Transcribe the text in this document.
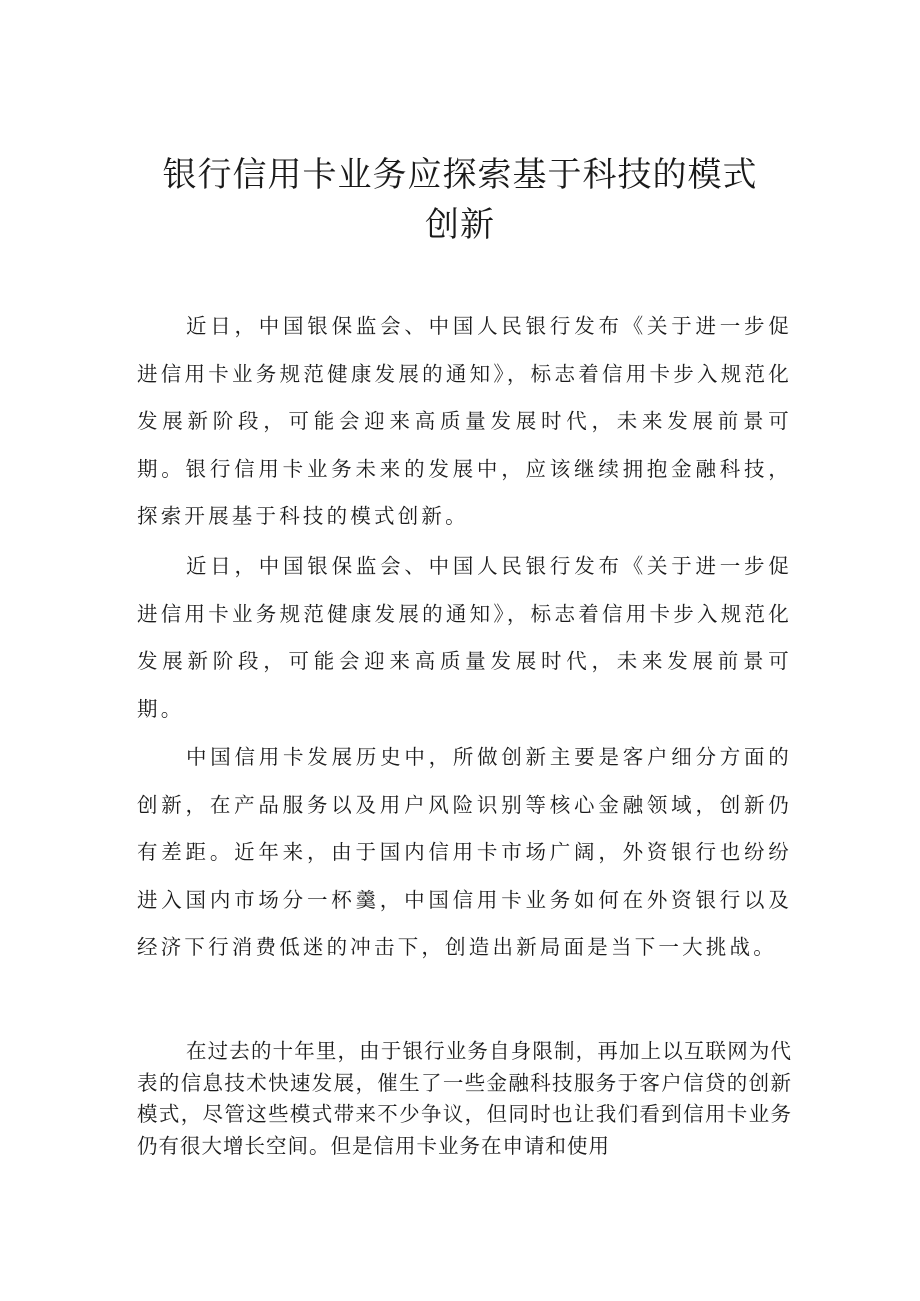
银行信用卡业务应探索基于科技的模式创新

近日，中国银保监会、中国人民银行发布《关于进一步促进信用卡业务规范健康发展的通知》，标志着信用卡步入规范化发展新阶段，可能会迎来高质量发展时代，未来发展前景可期。银行信用卡业务未来的发展中，应该继续拥抱金融科技，探索开展基于科技的模式创新。

近日，中国银保监会、中国人民银行发布《关于进一步促进信用卡业务规范健康发展的通知》，标志着信用卡步入规范化发展新阶段，可能会迎来高质量发展时代，未来发展前景可期。

中国信用卡发展历史中，所做创新主要是客户细分方面的创新，在产品服务以及用户风险识别等核心金融领域，创新仍有差距。近年来，由于国内信用卡市场广阔，外资银行也纷纷进入国内市场分一杯羹，中国信用卡业务如何在外资银行以及经济下行消费低迷的冲击下，创造出新局面是当下一大挑战。

在过去的十年里，由于银行业务自身限制，再加上以互联网为代表的信息技术快速发展，催生了一些金融科技服务于客户信贷的创新模式，尽管这些模式带来不少争议，但同时也让我们看到信用卡业务仍有很大增长空间。但是信用卡业务在申请和使用
